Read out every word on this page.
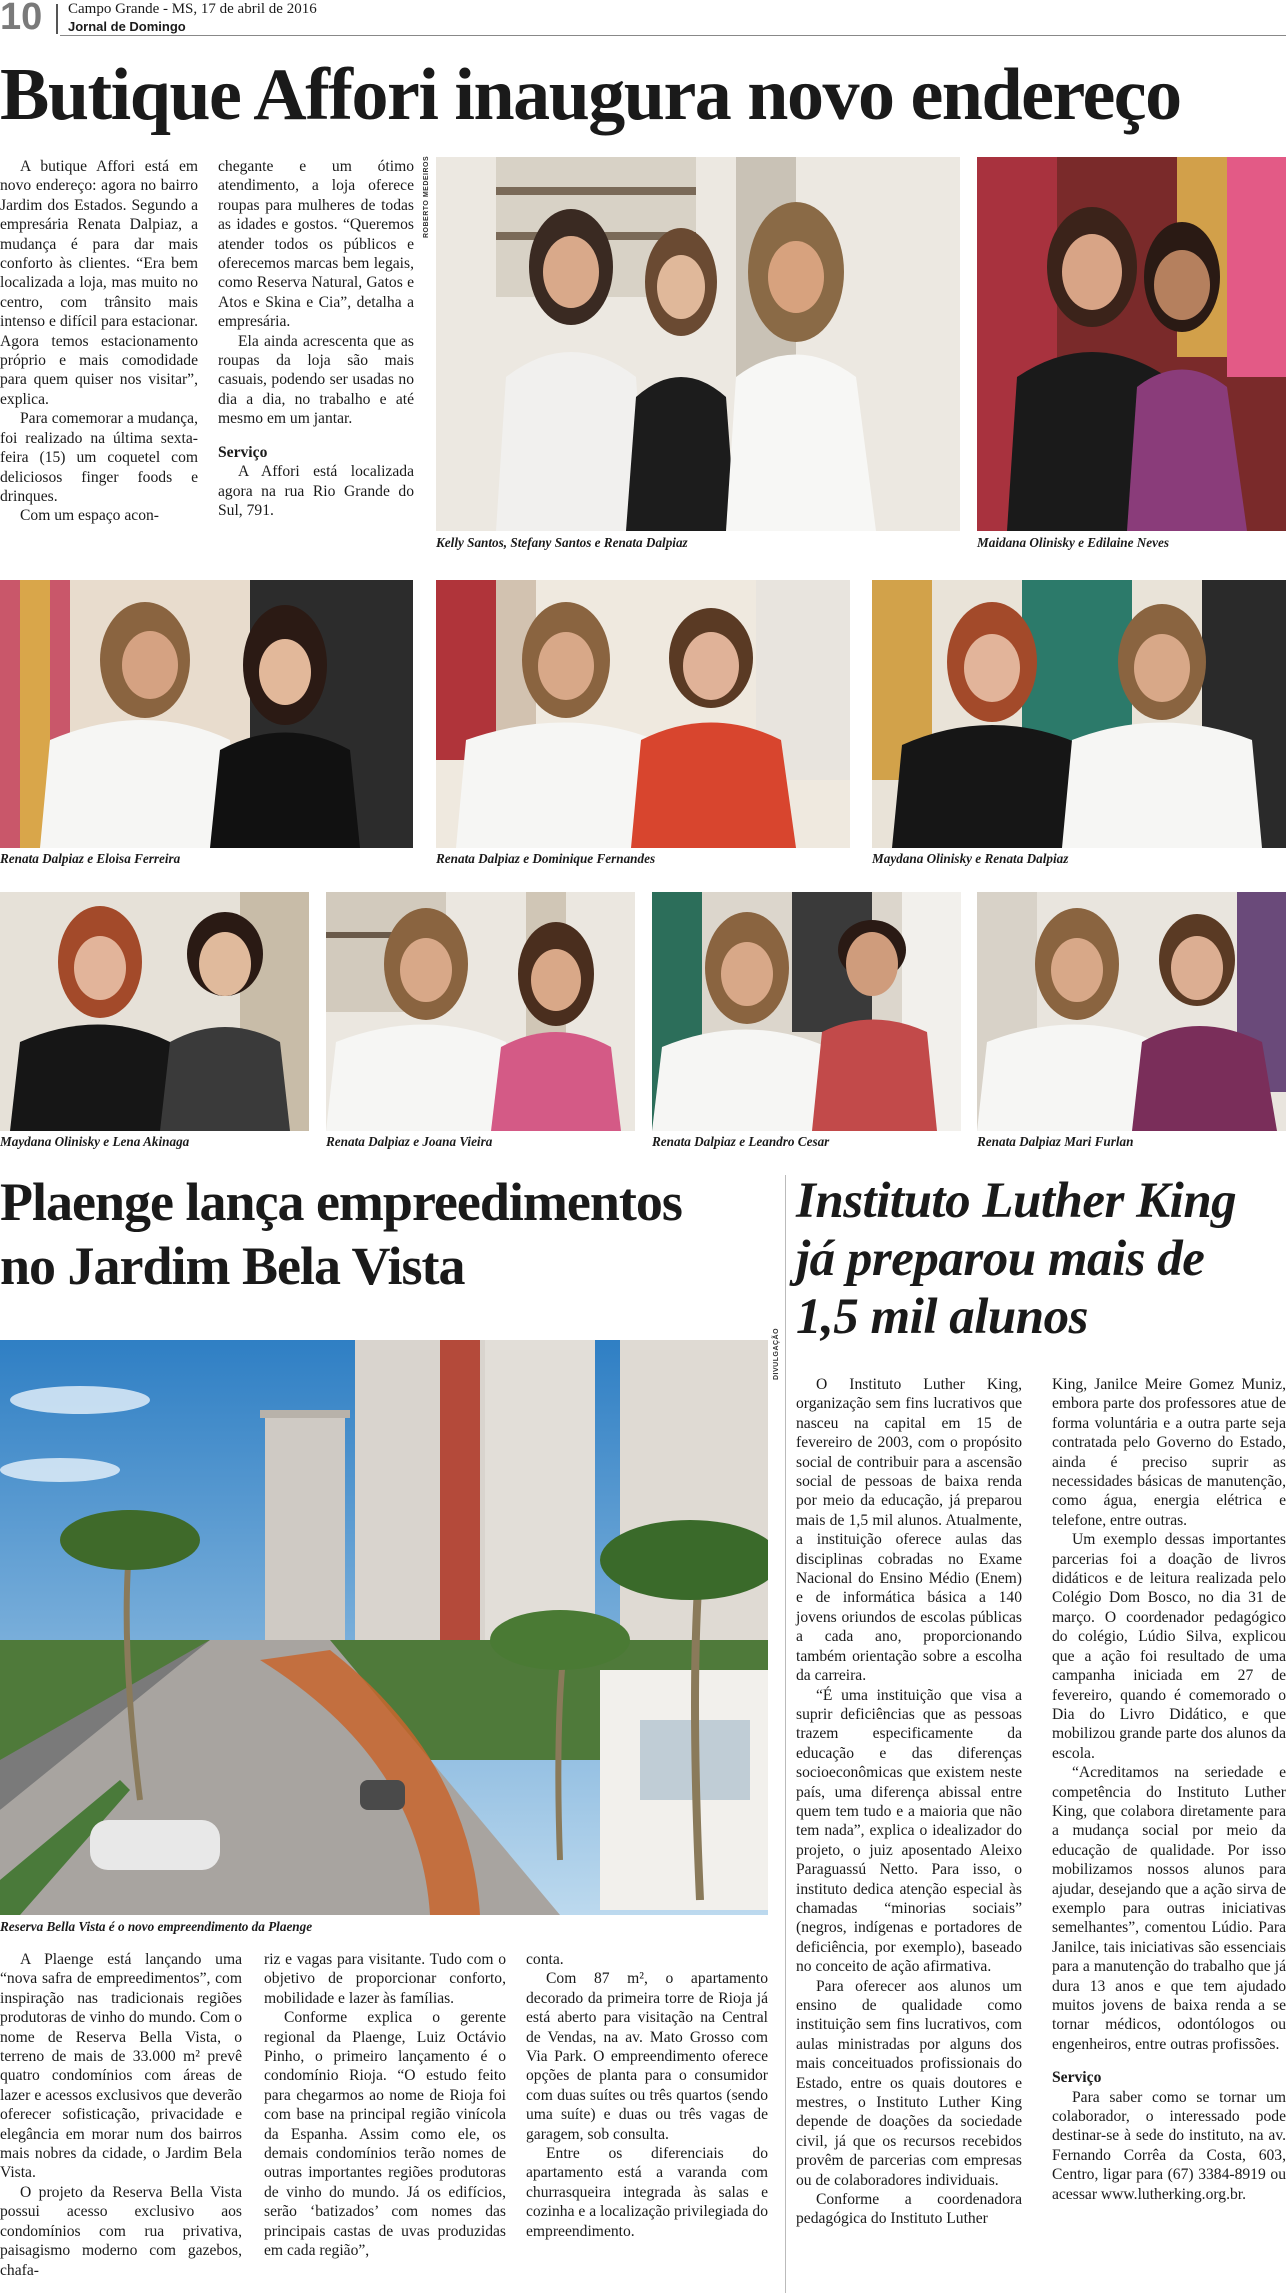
10 Campo Grande - MS, 17 de abril de 2016
Jornal de Domingo
Butique Affori inaugura novo endereço

A butique Affori está em novo endereço: agora no bairro Jardim dos Estados. Segundo a empresária Renata Dalpiaz, a mudança é para dar mais conforto às clientes. “Era bem localizada a loja, mas muito no centro, com trânsito mais intenso e difícil para estacionar. Agora temos estacionamento próprio e mais comodidade para quem quiser nos visitar”, explica.

Para comemorar a mudança, foi realizado na última sexta-feira (15) um coquetel com deliciosos finger foods e drinques.

Com um espaço acon-

chegante e um ótimo atendimento, a loja oferece roupas para mulheres de todas as idades e gostos. “Queremos atender todos os públicos e oferecemos marcas bem legais, como Reserva Natural, Gatos e Atos e Skina e Cia”, detalha a empresária.

Ela ainda acrescenta que as roupas da loja são mais casuais, podendo ser usadas no dia a dia, no trabalho e até mesmo em um jantar.

Serviço

A Affori está localizada agora na rua Rio Grande do Sul, 791.

ROBERTO MEDEIROS
Kelly Santos, Stefany Santos e Renata Dalpiaz	Maidana Olinisky e Edilaine Neves
Renata Dalpiaz e Eloisa Ferreira	Renata Dalpiaz e Dominique Fernandes	Maydana Olinisky e Renata Dalpiaz
Maydana Olinisky e Lena Akinaga	Renata Dalpiaz e Joana Vieira	Renata Dalpiaz e Leandro Cesar	Renata Dalpiaz Mari Furlan
Plaenge lança empreedimentos
no Jardim Bela Vista
DIVULGAÇÃO
Reserva Bella Vista é o novo empreendimento da Plaenge

A Plaenge está lançando uma “nova safra de empreedimentos”, com inspiração nas tradicionais regiões produtoras de vinho do mundo. Com o nome de Reserva Bella Vista, o terreno de mais de 33.000 m² prevê quatro condomínios com áreas de lazer e acessos exclusivos que deverão oferecer sofisticação, privacidade e elegância em morar num dos bairros mais nobres da cidade, o Jardim Bela Vista.

O projeto da Reserva Bella Vista possui acesso exclusivo aos condomínios com rua privativa, paisagismo moderno com gazebos, chafa-

riz e vagas para visitante. Tudo com o objetivo de proporcionar conforto, mobilidade e lazer às famílias.

Conforme explica o gerente regional da Plaenge, Luiz Octávio Pinho, o primeiro lançamento é o condomínio Rioja. “O estudo feito para chegarmos ao nome de Rioja foi com base na principal região vinícola da Espanha. Assim como ele, os demais condomínios terão nomes de outras importantes regiões produtoras de vinho do mundo. Já os edifícios, serão ‘batizados’ com nomes das principais castas de uvas produzidas em cada região”,

conta.

Com 87 m², o apartamento decorado da primeira torre de Rioja já está aberto para visitação na Central de Vendas, na av. Mato Grosso com Via Park. O empreendimento oferece opções de planta para o consumidor com duas suítes ou três quartos (sendo uma suíte) e duas ou três vagas de garagem, sob consulta.

Entre os diferenciais do apartamento está a varanda com churrasqueira integrada às salas e cozinha e a localização privilegiada do empreendimento.

Instituto Luther King
já preparou mais de
1,5 mil alunos

O Instituto Luther King, organização sem fins lucrativos que nasceu na capital em 15 de fevereiro de 2003, com o propósito social de contribuir para a ascensão social de pessoas de baixa renda por meio da educação, já preparou mais de 1,5 mil alunos. Atualmente, a instituição oferece aulas das disciplinas cobradas no Exame Nacional do Ensino Médio (Enem) e de informática básica a 140 jovens oriundos de escolas públicas a cada ano, proporcionando também orientação sobre a escolha da carreira.

“É uma instituição que visa a suprir deficiências que as pessoas trazem especificamente da educação e das diferenças socioeconômicas que existem neste país, uma diferença abissal entre quem tem tudo e a maioria que não tem nada”, explica o idealizador do projeto, o juiz aposentado Aleixo Paraguassú Netto. Para isso, o instituto dedica atenção especial às chamadas “minorias sociais” (negros, indígenas e portadores de deficiência, por exemplo), baseado no conceito de ação afirmativa.

Para oferecer aos alunos um ensino de qualidade como instituição sem fins lucrativos, com aulas ministradas por alguns dos mais conceituados profissionais do Estado, entre os quais doutores e mestres, o Instituto Luther King depende de doações da sociedade civil, já que os recursos recebidos provêm de parcerias com empresas ou de colaboradores individuais.

Conforme a coordenadora pedagógica do Instituto Luther

King, Janilce Meire Gomez Muniz, embora parte dos professores atue de forma voluntária e a outra parte seja contratada pelo Governo do Estado, ainda é preciso suprir as necessidades básicas de manutenção, como água, energia elétrica e telefone, entre outras.

Um exemplo dessas importantes parcerias foi a doação de livros didáticos e de leitura realizada pelo Colégio Dom Bosco, no dia 31 de março. O coordenador pedagógico do colégio, Lúdio Silva, explicou que a ação foi resultado de uma campanha iniciada em 27 de fevereiro, quando é comemorado o Dia do Livro Didático, e que mobilizou grande parte dos alunos da escola.

“Acreditamos na seriedade e competência do Instituto Luther King, que colabora diretamente para a mudança social por meio da educação de qualidade. Por isso mobilizamos nossos alunos para ajudar, desejando que a ação sirva de exemplo para outras iniciativas semelhantes”, comentou Lúdio. Para Janilce, tais iniciativas são essenciais para a manutenção do trabalho que já dura 13 anos e que tem ajudado muitos jovens de baixa renda a se tornar médicos, odontólogos ou engenheiros, entre outras profissões.

Serviço

Para saber como se tornar um colaborador, o interessado pode destinar-se à sede do instituto, na av. Fernando Corrêa da Costa, 603, Centro, ligar para (67) 3384-8919 ou acessar www.lutherking.org.br.
